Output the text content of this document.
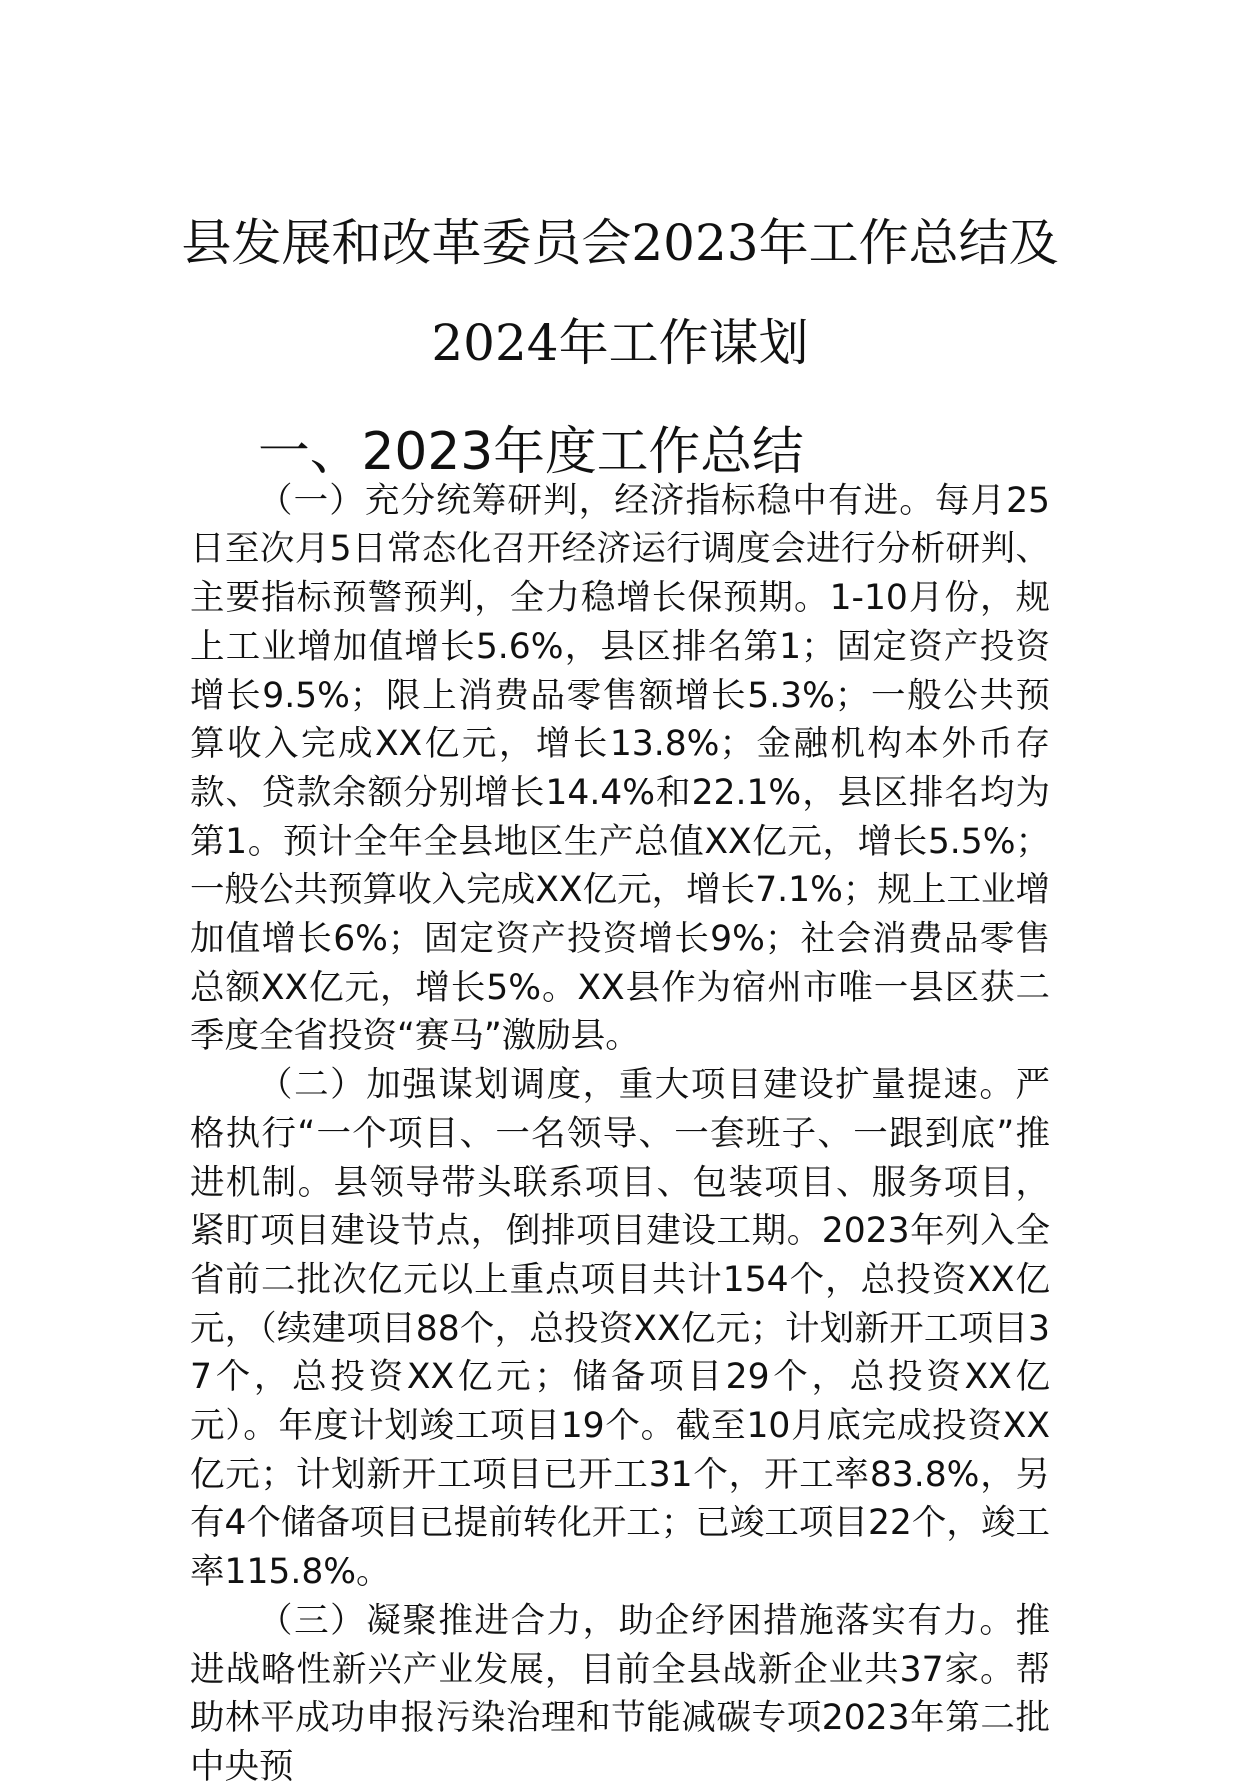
县发展和改革委员会2023年工作总结及
2024年工作谋划
一、2023年度工作总结

（一）充分统筹研判，经济指标稳中有进。每月25日至次月5日常态化召开经济运行调度会进行分析研判、主要指标预警预判，全力稳增长保预期。1-10月份，规上工业增加值增长5.6%，县区排名第1；固定资产投资增长9.5%；限上消费品零售额增长5.3%；一般公共预算收入完成XX亿元，增长13.8%；金融机构本外币存款、贷款余额分别增长14.4%和22.1%，县区排名均为第1。预计全年全县地区生产总值XX亿元，增长5.5%；一般公共预算收入完成XX亿元，增长7.1%；规上工业增加值增长6%；固定资产投资增长9%；社会消费品零售总额XX亿元，增长5%。XX县作为宿州市唯一县区获二季度全省投资“赛马”激励县。

（二）加强谋划调度，重大项目建设扩量提速。严格执行“一个项目、一名领导、一套班子、一跟到底”推进机制。县领导带头联系项目、包装项目、服务项目，紧盯项目建设节点，倒排项目建设工期。2023年列入全省前二批次亿元以上重点项目共计154个，总投资XX亿元，（续建项目88个，总投资XX亿元；计划新开工项目37个，总投资XX亿元；储备项目29个，总投资XX亿元）。年度计划竣工项目19个。截至10月底完成投资XX亿元；计划新开工项目已开工31个，开工率83.8%，另有4个储备项目已提前转化开工；已竣工项目22个，竣工率115.8%。

（三）凝聚推进合力，助企纾困措施落实有力。推进战略性新兴产业发展，目前全县战新企业共37家。帮助林平成功申报污染治理和节能减碳专项2023年第二批中央预
